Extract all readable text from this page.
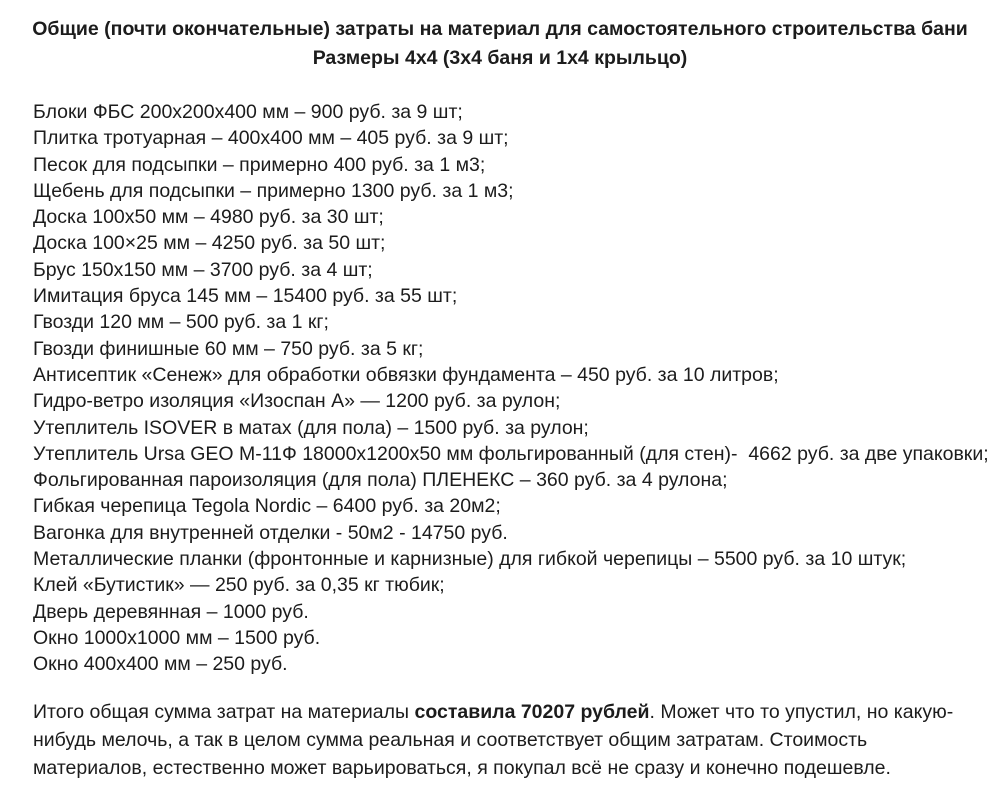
Общие (почти окончательные) затраты на материал для самостоятельного строительства бани
Размеры 4х4 (3х4 баня и 1х4 крыльцо)
Блоки ФБС 200х200х400 мм – 900 руб. за 9 шт;
Плитка тротуарная – 400х400 мм – 405 руб. за 9 шт;
Песок для подсыпки – примерно 400 руб. за 1 м3;
Щебень для подсыпки – примерно 1300 руб. за 1 м3;
Доска 100х50 мм – 4980 руб. за 30 шт;
Доска 100×25 мм – 4250 руб. за 50 шт;
Брус 150х150 мм – 3700 руб. за 4 шт;
Имитация бруса 145 мм – 15400 руб. за 55 шт;
Гвозди 120 мм – 500 руб. за 1 кг;
Гвозди финишные 60 мм – 750 руб. за 5 кг;
Антисептик «Сенеж» для обработки обвязки фундамента – 450 руб. за 10 литров;
Гидро-ветро изоляция «Изоспан А» — 1200 руб. за рулон;
Утеплитель ISOVER в матах (для пола) – 1500 руб. за рулон;
Утеплитель Ursa GEO М-11Ф 18000х1200х50 мм фольгированный (для стен)-  4662 руб. за две упаковки;
Фольгированная пароизоляция (для пола) ПЛЕНЕКС – 360 руб. за 4 рулона;
Гибкая черепица Tegola Nordic – 6400 руб. за 20м2;
Вагонка для внутренней отделки - 50м2 - 14750 руб.
Металлические планки (фронтонные и карнизные) для гибкой черепицы – 5500 руб. за 10 штук;
Клей «Бутистик» — 250 руб. за 0,35 кг тюбик;
Дверь деревянная – 1000 руб.
Окно 1000х1000 мм – 1500 руб.
Окно 400х400 мм – 250 руб.

Итого общая сумма затрат на материалы составила 70207 рублей. Может что то упустил, но какую-нибудь мелочь, а так в целом сумма реальная и соответствует общим затратам. Стоимость материалов, естественно может варьироваться, я покупал всё не сразу и конечно подешевле.
